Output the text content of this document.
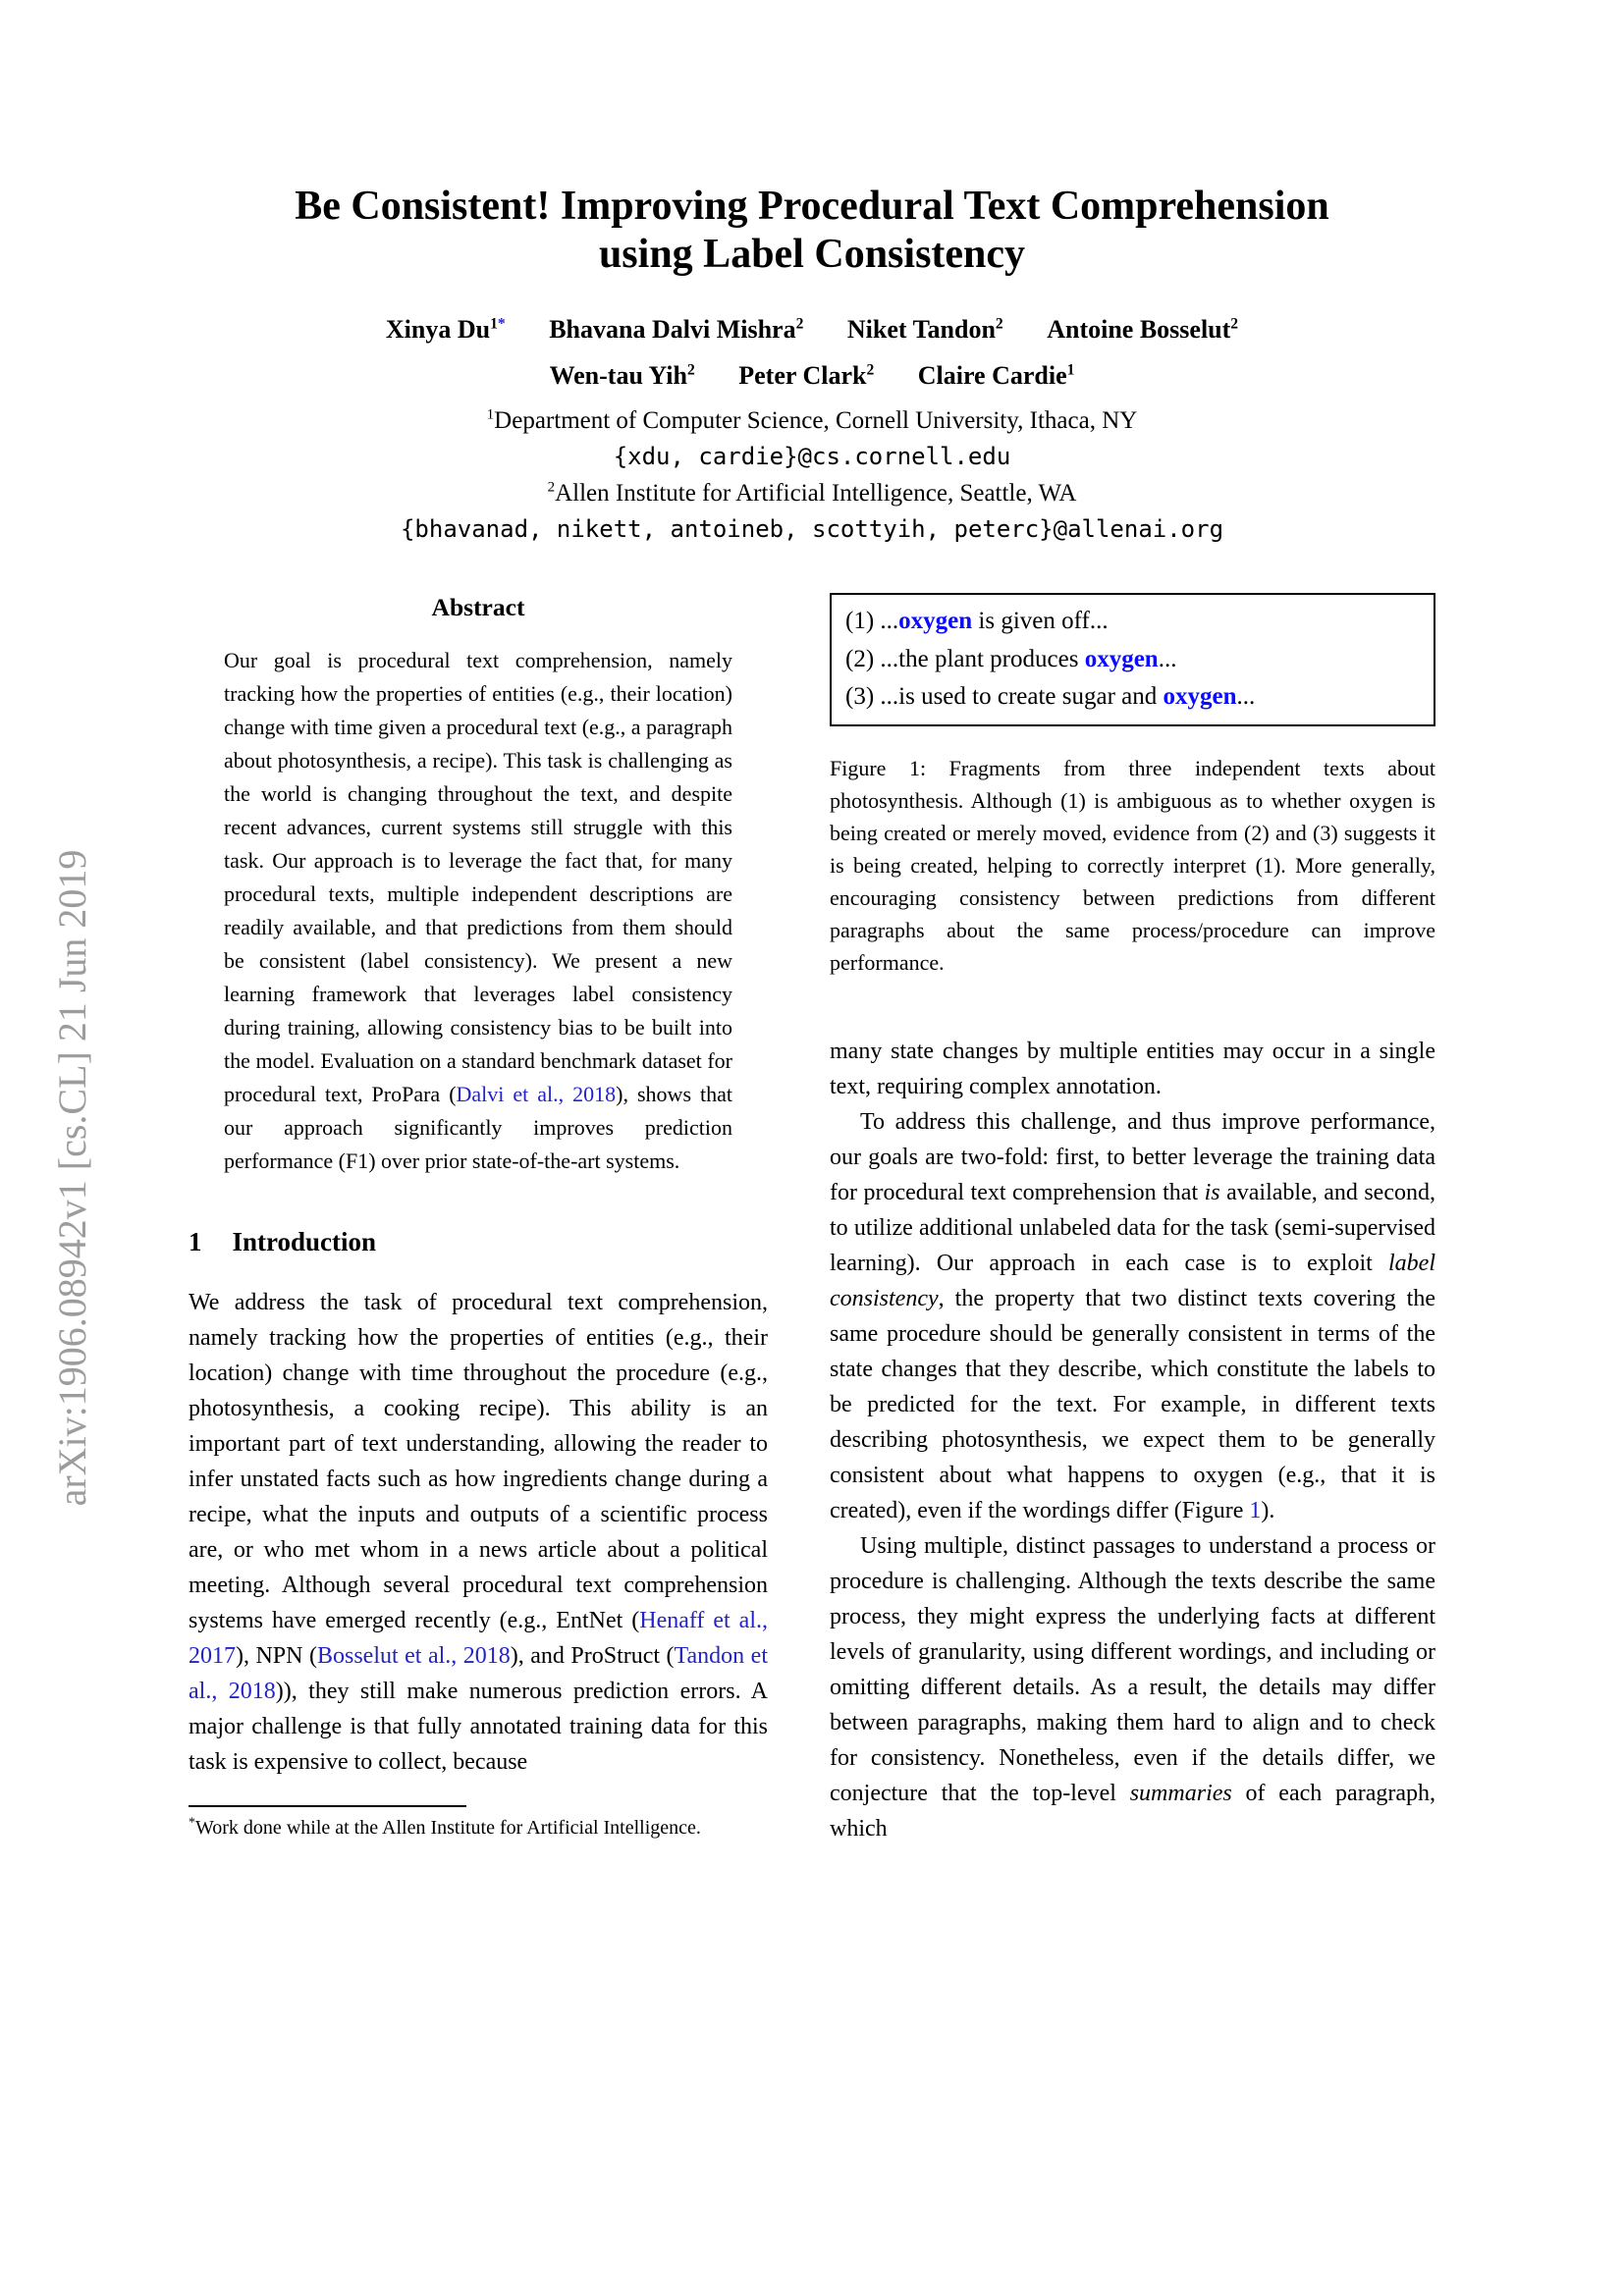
arXiv:1906.08942v1 [cs.CL] 21 Jun 2019
Be Consistent! Improving Procedural Text Comprehension
using Label Consistency
Xinya $Du^{1*}$ Bhavana Dalvi Mishra$^2$ Niket Tandon$^2$ Antoine Bosselut$^2$
Wen-tau Yih$^2$ Peter Clark$^2$ Claire Cardie$^1$
$^1$Department of Computer Science, Cornell University, Ithaca, NY
{xdu, cardie}@cs.cornell.edu
$^2$Allen Institute for Artificial Intelligence, Seattle, WA
{bhavanad, nikett, antoineb, scottyih, peterc}@allenai.org
Abstract
Our goal is procedural text comprehension, namely tracking how the properties of entities (e.g., their location) change with time given a procedural text (e.g., a paragraph about photosynthesis, a recipe). This task is challenging as the world is changing throughout the text, and despite recent advances, current systems still struggle with this task. Our approach is to leverage the fact that, for many procedural texts, multiple independent descriptions are readily available, and that predictions from them should be consistent (label consistency). We present a new learning framework that leverages label consistency during training, allowing consistency bias to be built into the model. Evaluation on a standard benchmark dataset for procedural text, ProPara (Dalvi et al., 2018), shows that our approach significantly improves prediction performance (F1) over prior state-of-the-art systems.
1 Introduction

We address the task of procedural text comprehension, namely tracking how the properties of entities (e.g., their location) change with time throughout the procedure (e.g., photosynthesis, a cooking recipe). This ability is an important part of text understanding, allowing the reader to infer unstated facts such as how ingredients change during a recipe, what the inputs and outputs of a scientific process are, or who met whom in a news article about a political meeting. Although several procedural text comprehension systems have emerged recently (e.g., EntNet (Henaff et al., 2017), NPN (Bosselut et al., 2018), and ProStruct (Tandon et al., 2018)), they still make numerous prediction errors. A major challenge is that fully annotated training data for this task is expensive to collect, because

*Work done while at the Allen Institute for Artificial Intelligence.
(1) ...oxygen is given off...
(2) ...the plant produces oxygen...
(3) ...is used to create sugar and oxygen...
Figure 1: Fragments from three independent texts about photosynthesis. Although (1) is ambiguous as to whether oxygen is being created or merely moved, evidence from (2) and (3) suggests it is being created, helping to correctly interpret (1). More generally, encouraging consistency between predictions from different paragraphs about the same process/procedure can improve performance.

many state changes by multiple entities may occur in a single text, requiring complex annotation.

To address this challenge, and thus improve performance, our goals are two-fold: first, to better leverage the training data for procedural text comprehension that is available, and second, to utilize additional unlabeled data for the task (semi-supervised learning). Our approach in each case is to exploit label consistency, the property that two distinct texts covering the same procedure should be generally consistent in terms of the state changes that they describe, which constitute the labels to be predicted for the text. For example, in different texts describing photosynthesis, we expect them to be generally consistent about what happens to oxygen (e.g., that it is created), even if the wordings differ (Figure 1).

Using multiple, distinct passages to understand a process or procedure is challenging. Although the texts describe the same process, they might express the underlying facts at different levels of granularity, using different wordings, and including or omitting different details. As a result, the details may differ between paragraphs, making them hard to align and to check for consistency. Nonetheless, even if the details differ, we conjecture that the top-level summaries of each paragraph, which
